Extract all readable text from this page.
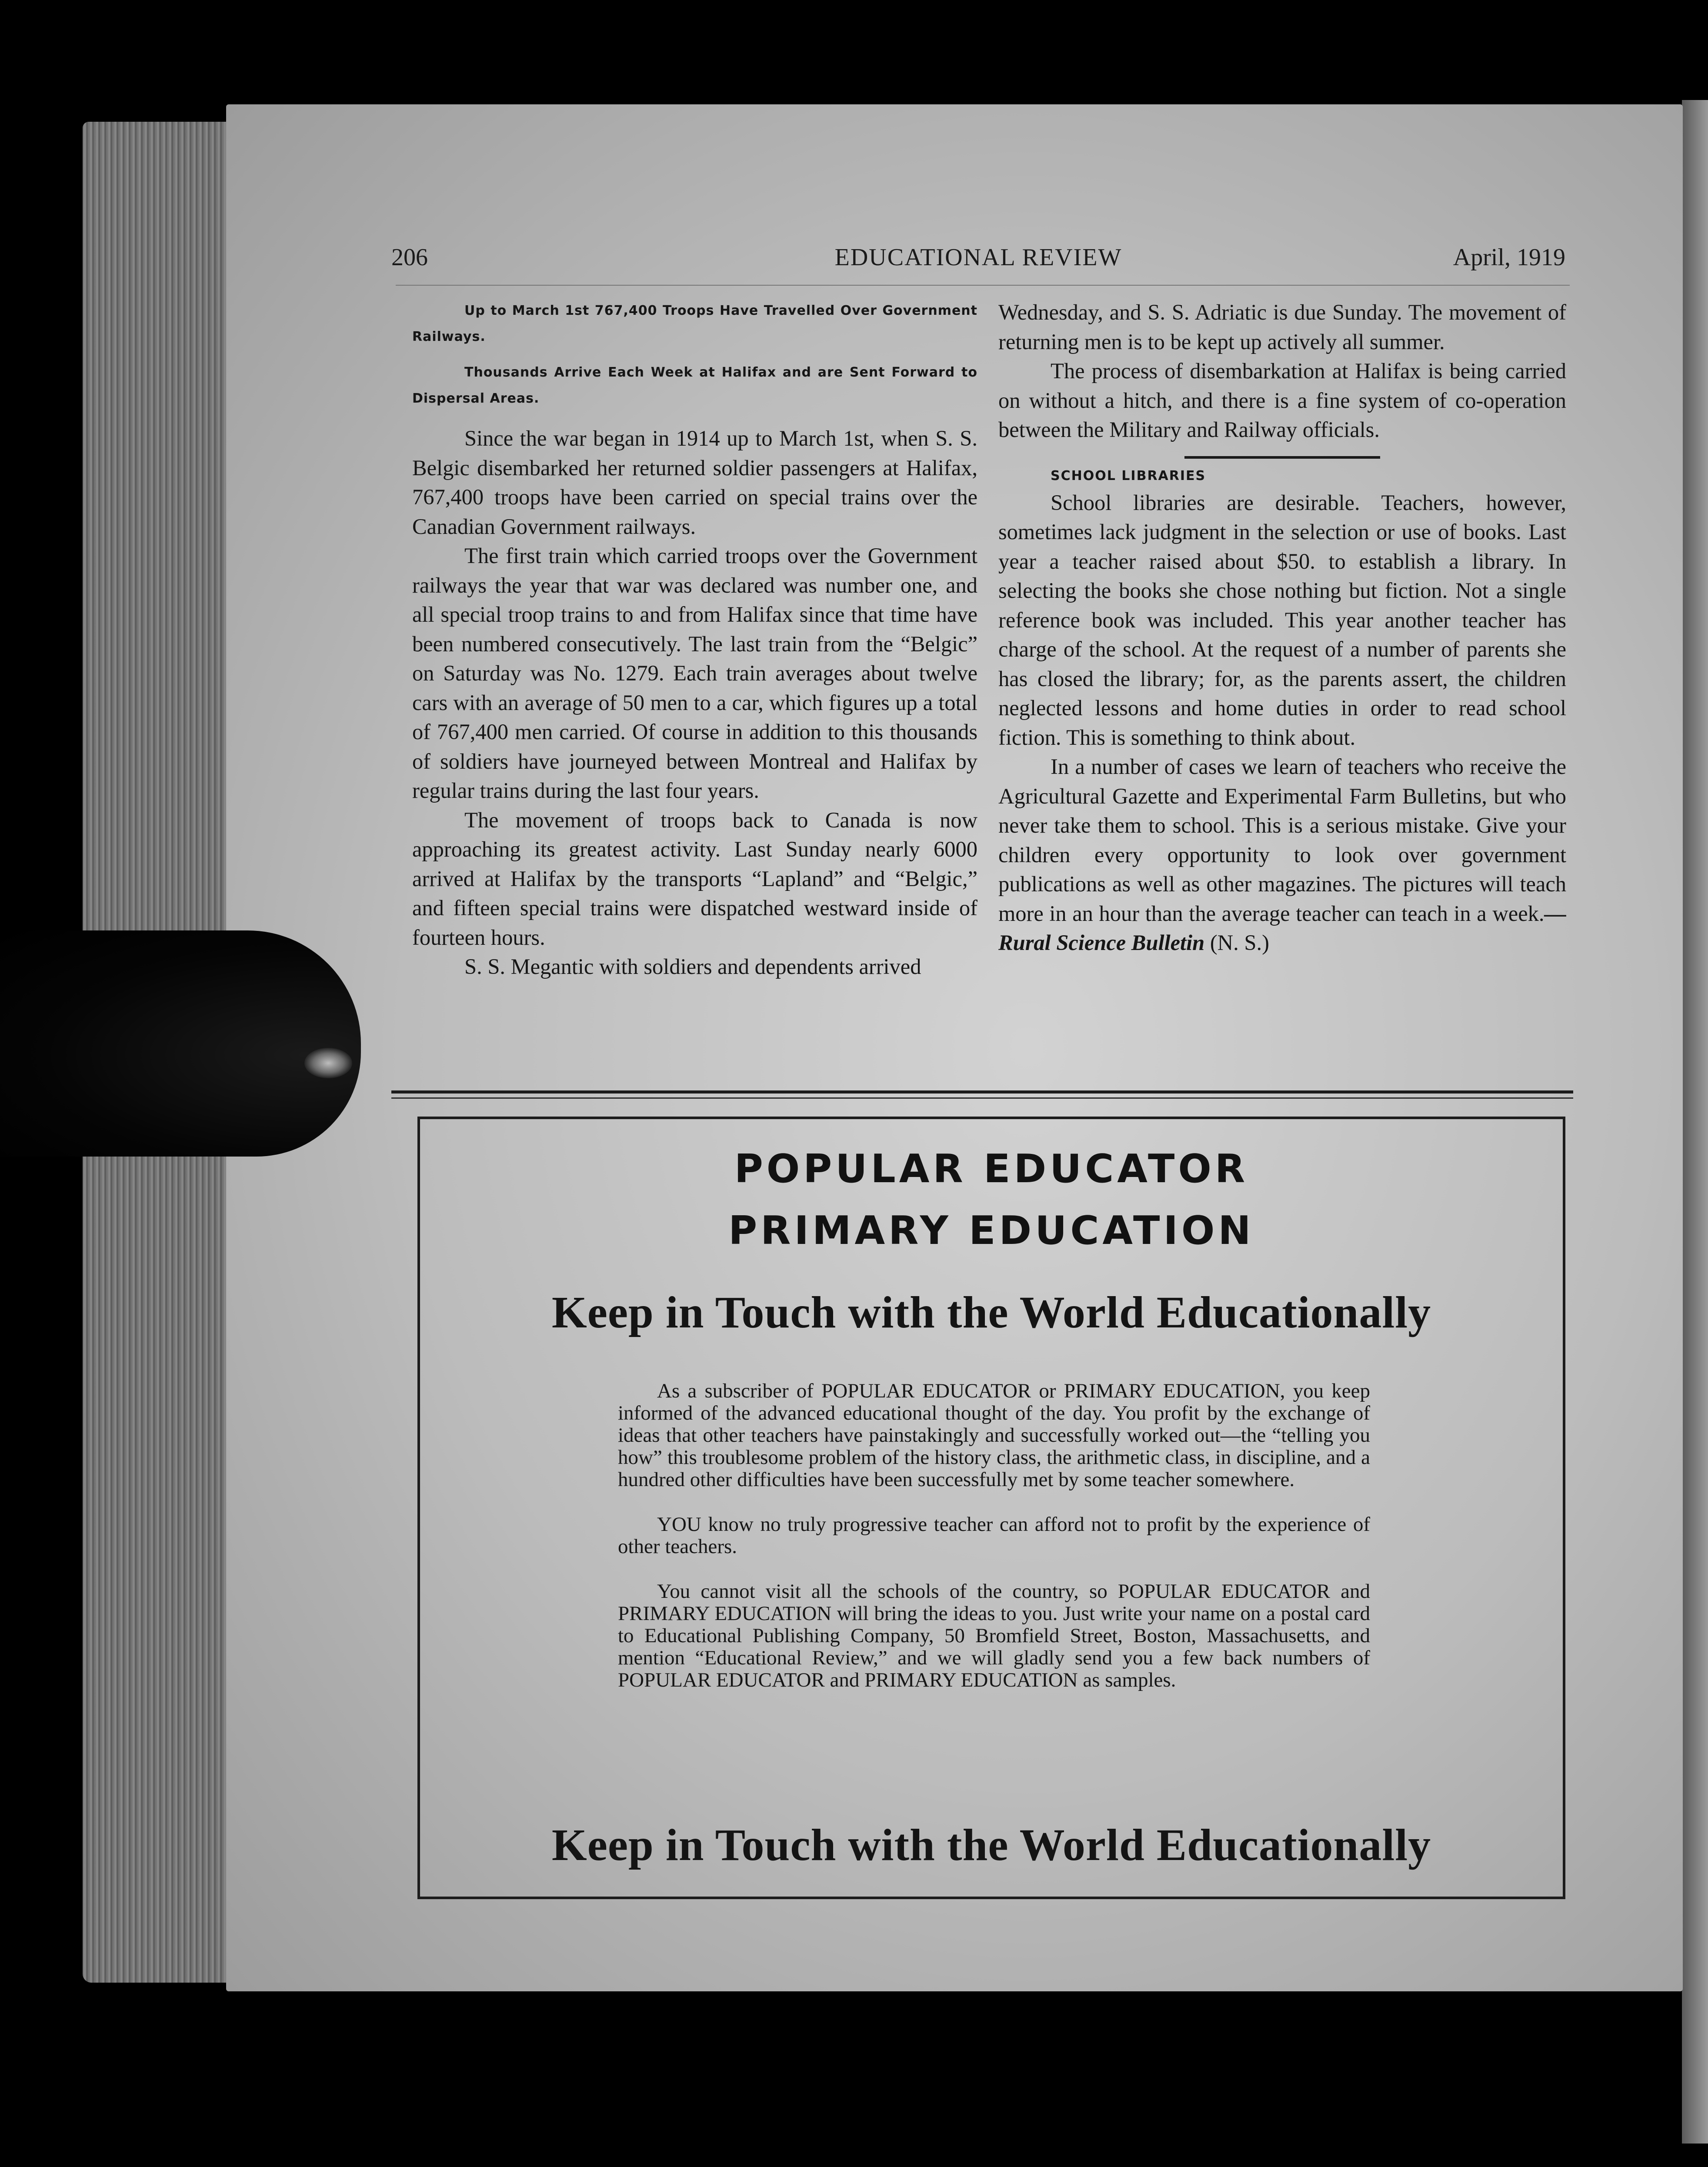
206	EDUCATIONAL REVIEW	April, 1919

Up to March 1st 767,400 Troops Have Travelled Over Government Railways.

Thousands Arrive Each Week at Halifax and are Sent Forward to Dispersal Areas.

Since the war began in 1914 up to March 1st, when S. S. Belgic disembarked her returned soldier passengers at Halifax, 767,400 troops have been carried on special trains over the Canadian Government railways.

The first train which carried troops over the Government railways the year that war was declared was number one, and all special troop trains to and from Halifax since that time have been numbered consecutively. The last train from the “Belgic” on Saturday was No. 1279. Each train averages about twelve cars with an average of 50 men to a car, which figures up a total of 767,400 men carried. Of course in addition to this thousands of soldiers have journeyed between Montreal and Halifax by regular trains during the last four years.

The movement of troops back to Canada is now approaching its greatest activity. Last Sunday nearly 6000 arrived at Halifax by the transports “Lapland” and “Belgic,” and fifteen special trains were dispatched westward inside of fourteen hours.

S. S. Megantic with soldiers and dependents arrived

Wednesday, and S. S. Adriatic is due Sunday. The movement of returning men is to be kept up actively all summer.

The process of disembarkation at Halifax is being carried on without a hitch, and there is a fine system of co-operation between the Military and Railway officials.

SCHOOL LIBRARIES

School libraries are desirable. Teachers, however, sometimes lack judgment in the selection or use of books. Last year a teacher raised about $50. to establish a library. In selecting the books she chose nothing but fiction. Not a single reference book was included. This year another teacher has charge of the school. At the request of a number of parents she has closed the library; for, as the parents assert, the children neglected lessons and home duties in order to read school fiction. This is something to think about.

In a number of cases we learn of teachers who receive the Agricultural Gazette and Experimental Farm Bulletins, but who never take them to school. This is a serious mistake. Give your children every opportunity to look over government publications as well as other magazines. The pictures will teach more in an hour than the average teacher can teach in a week.—Rural Science Bulletin (N. S.)

POPULAR EDUCATOR
PRIMARY EDUCATION
Keep in Touch with the World Educationally

As a subscriber of POPULAR EDUCATOR or PRIMARY EDUCATION, you keep informed of the advanced educational thought of the day. You profit by the exchange of ideas that other teachers have painstakingly and successfully worked out—the “telling you how” this troublesome problem of the history class, the arithmetic class, in discipline, and a hundred other difficulties have been successfully met by some teacher somewhere.

YOU know no truly progressive teacher can afford not to profit by the experience of other teachers.

You cannot visit all the schools of the country, so POPULAR EDUCATOR and PRIMARY EDUCATION will bring the ideas to you. Just write your name on a postal card to Educational Publishing Company, 50 Bromfield Street, Boston, Massachusetts, and mention “Educational Review,” and we will gladly send you a few back numbers of POPULAR EDUCATOR and PRIMARY EDUCATION as samples.

Keep in Touch with the World Educationally
